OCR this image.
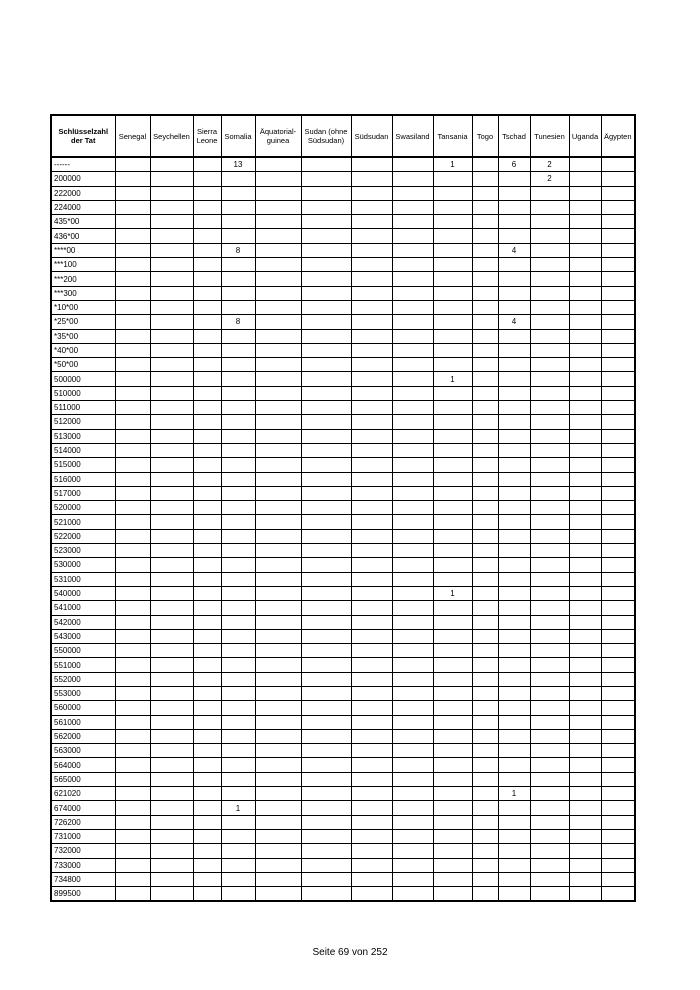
Schlüsselzahl der Tat	Senegal	Seychellen	Sierra Leone	Somalia	Äquatorial-guinea	Sudan (ohne Südsudan)	Südsudan	Swasiland	Tansania	Togo	Tschad	Tunesien	Uganda	Ägypten
------				13					1		6	2		
200000												2		
222000														
224000														
435*00														
436*00														
****00				8							4			
***100														
***200														
***300														
*10*00														
*25*00				8							4			
*35*00														
*40*00														
*50*00														
500000									1					
510000														
511000														
512000														
513000														
514000														
515000														
516000														
517000														
520000														
521000														
522000														
523000														
530000														
531000														
540000									1					
541000														
542000														
543000														
550000														
551000														
552000														
553000														
560000														
561000														
562000														
563000														
564000														
565000														
621020											1			
674000				1										
726200														
731000														
732000														
733000														
734800														
899500														
Seite 69 von 252
